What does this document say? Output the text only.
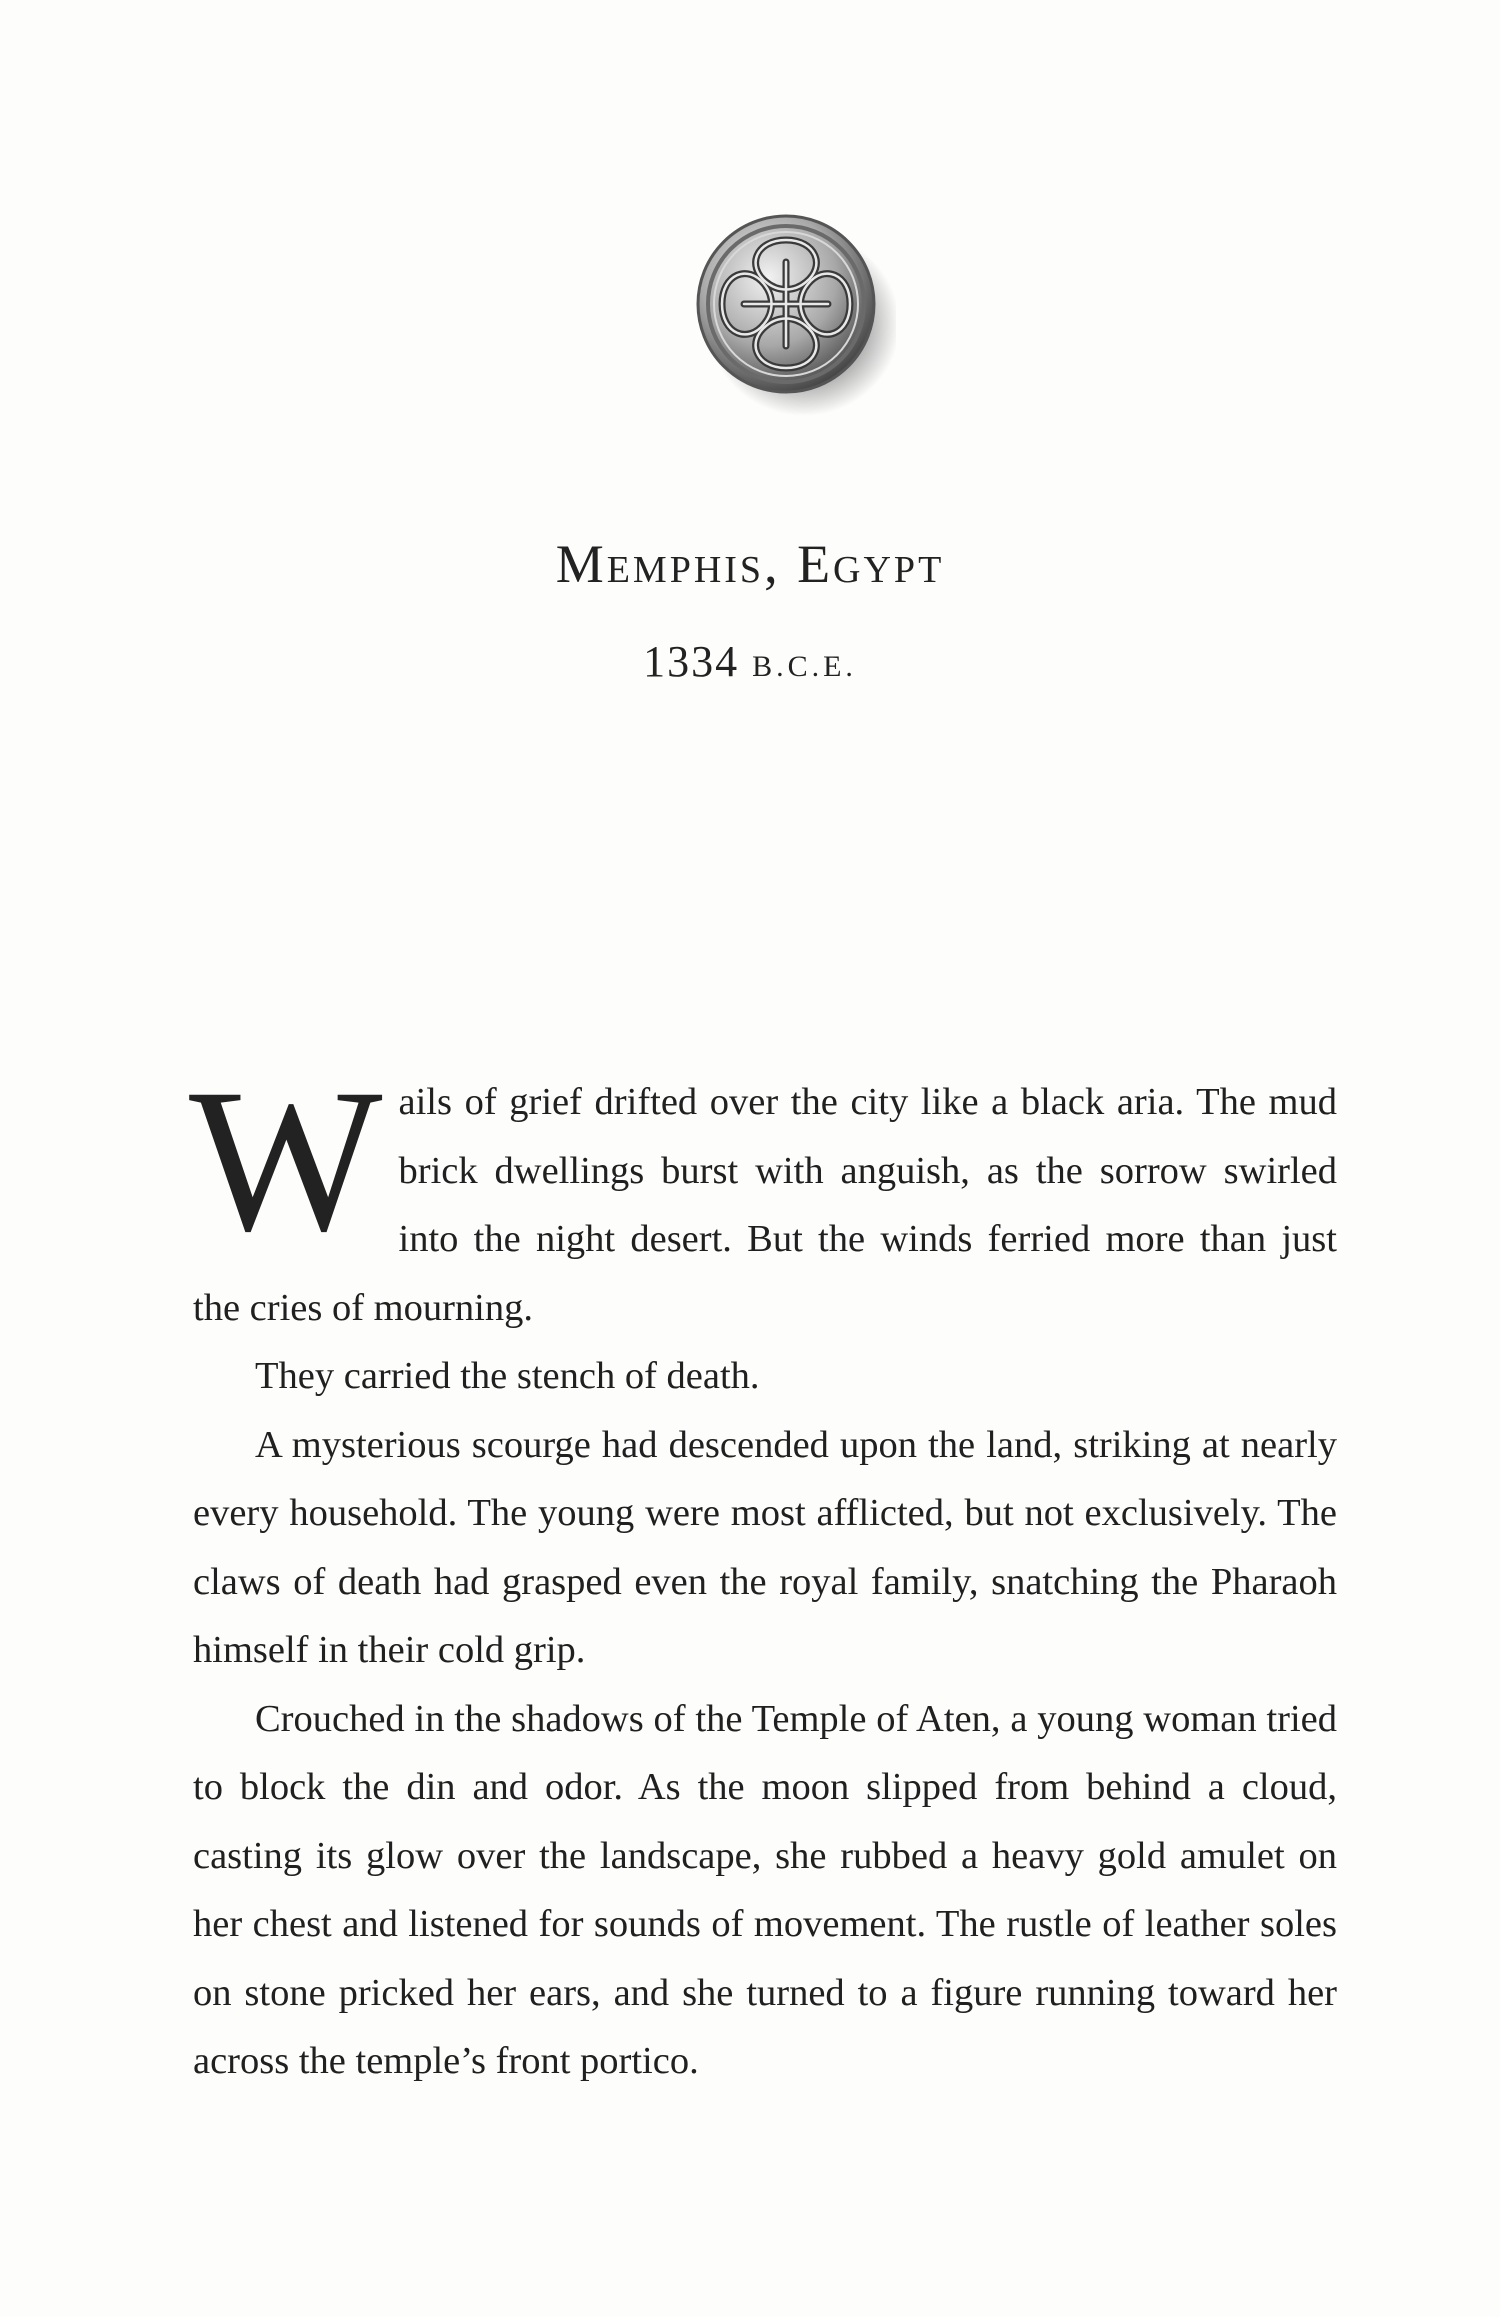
Memphis, Egypt
1334 B.C.E.

Wails of grief drifted over the city like a black aria. The mud brick dwellings burst with anguish, as the sorrow swirled into the night desert. But the winds ferried more than just the cries of mourning.

They carried the stench of death.

A mysterious scourge had descended upon the land, striking at nearly every household. The young were most afflicted, but not exclusively. The claws of death had grasped even the royal family, snatching the Pharaoh himself in their cold grip.

Crouched in the shadows of the Temple of Aten, a young woman tried to block the din and odor. As the moon slipped from behind a cloud, casting its glow over the landscape, she rubbed a heavy gold amulet on her chest and listened for sounds of movement. The rustle of leather soles on stone pricked her ears, and she turned to a figure running toward her across the temple’s front portico.
